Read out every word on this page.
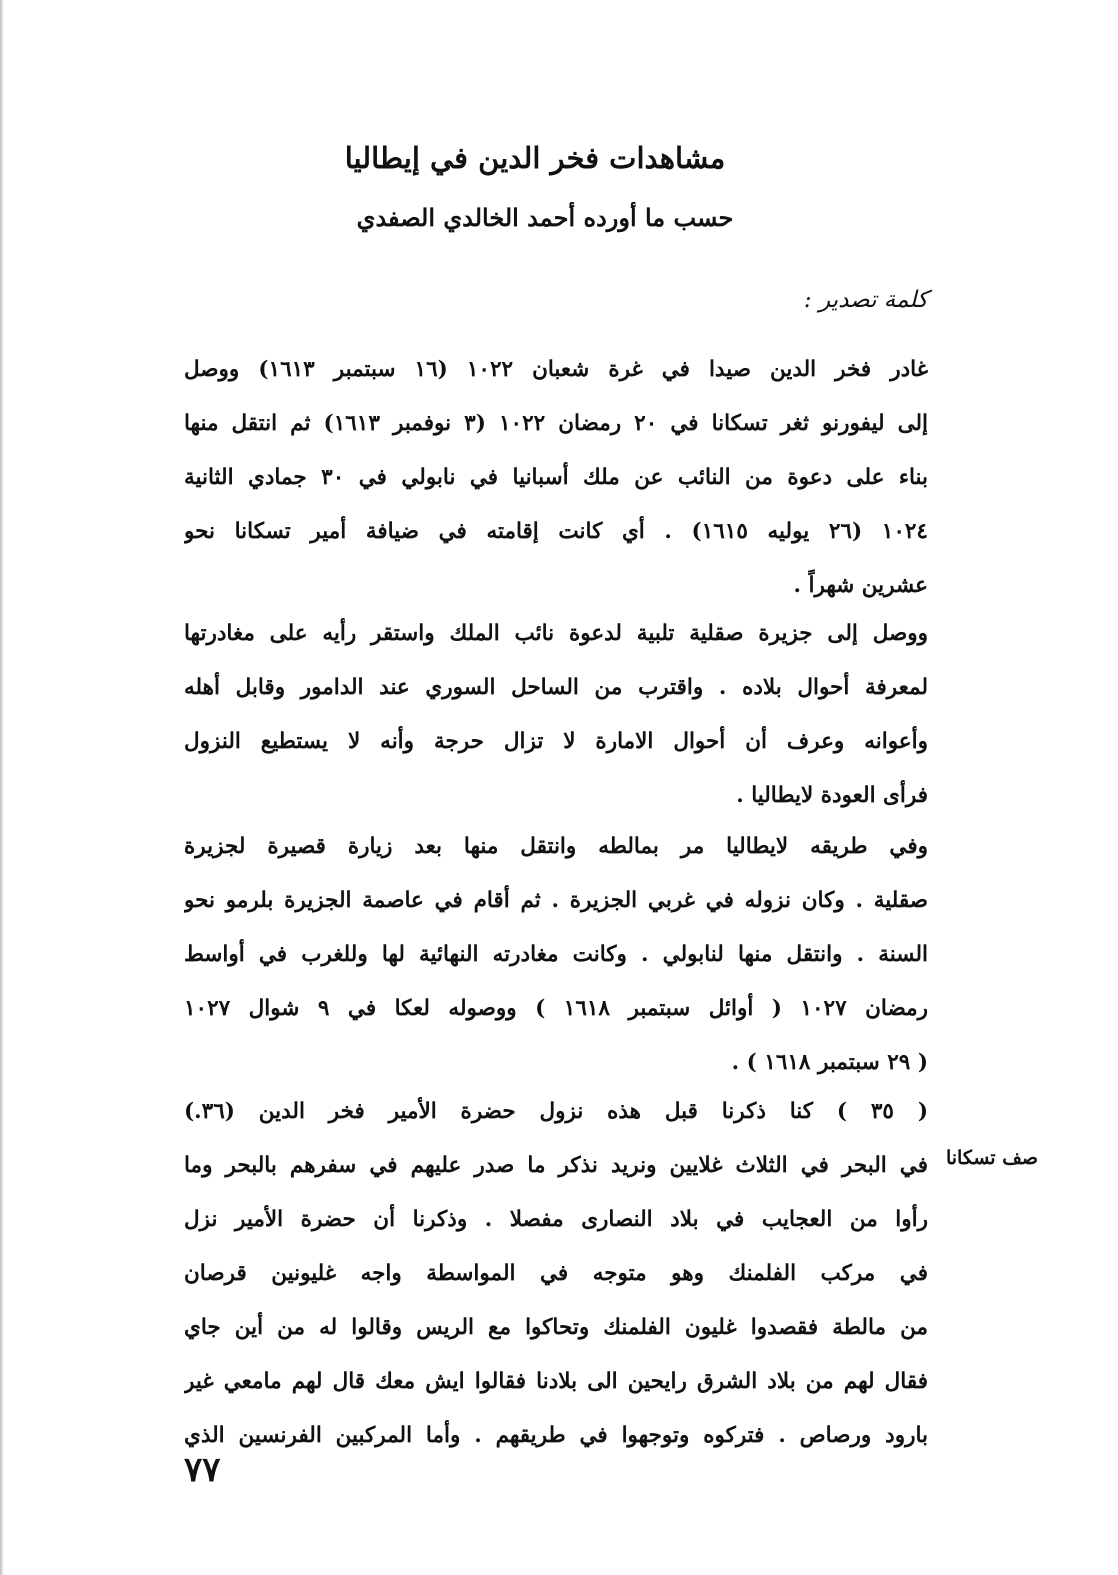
مشاهدات فخر الدين في إيطاليا
حسب ما أورده أحمد الخالدي الصفدي
كلمة تصدير :
غادر فخر الدين صيدا في غرة شعبان ١٠٢٢ (١٦ سبتمبر ١٦١٣) ووصل
إلى ليفورنو ثغر تسكانا في ٢٠ رمضان ١٠٢٢ (٣ نوفمبر ١٦١٣) ثم انتقل منها
بناء على دعوة من النائب عن ملك أسبانيا في نابولي في ٣٠ جمادي الثانية
١٠٢٤ (٢٦ يوليه ١٦١٥) . أي كانت إقامته في ضيافة أمير تسكانا نحو
عشرين شهراً .
ووصل إلى جزيرة صقلية تلبية لدعوة نائب الملك واستقر رأيه على مغادرتها
لمعرفة أحوال بلاده . واقترب من الساحل السوري عند الدامور وقابل أهله
وأعوانه وعرف أن أحوال الامارة لا تزال حرجة وأنه لا يستطيع النزول
فرأى العودة لايطاليا .
وفي طريقه لايطاليا مر بمالطه وانتقل منها بعد زيارة قصيرة لجزيرة
صقلية . وكان نزوله في غربي الجزيرة . ثم أقام في عاصمة الجزيرة بلرمو نحو
السنة . وانتقل منها لنابولي . وكانت مغادرته النهائية لها وللغرب في أواسط
رمضان ١٠٢٧ ( أوائل سبتمبر ١٦١٨ ) ووصوله لعكا في ٩ شوال ١٠٢٧
( ٢٩ سبتمبر ١٦١٨ ) .
( ٣٥ ) كنا ذكرنا قبل هذه نزول حضرة الأمير فخر الدين (٣٦.)
في البحر في الثلاث غلايين ونريد نذكر ما صدر عليهم في سفرهم بالبحر وما
رأوا من العجايب في بلاد النصارى مفصلا . وذكرنا أن حضرة الأمير نزل
في مركب الفلمنك وهو متوجه في المواسطة واجه غليونين قرصان
من مالطة فقصدوا غليون الفلمنك وتحاكوا مع الريس وقالوا له من أين جاي
فقال لهم من بلاد الشرق رايحين الى بلادنا فقالوا ايش معك قال لهم مامعي غير
بارود ورصاص . فتركوه وتوجهوا في طريقهم . وأما المركبين الفرنسين الذي
صف تسكانا
٧٧
